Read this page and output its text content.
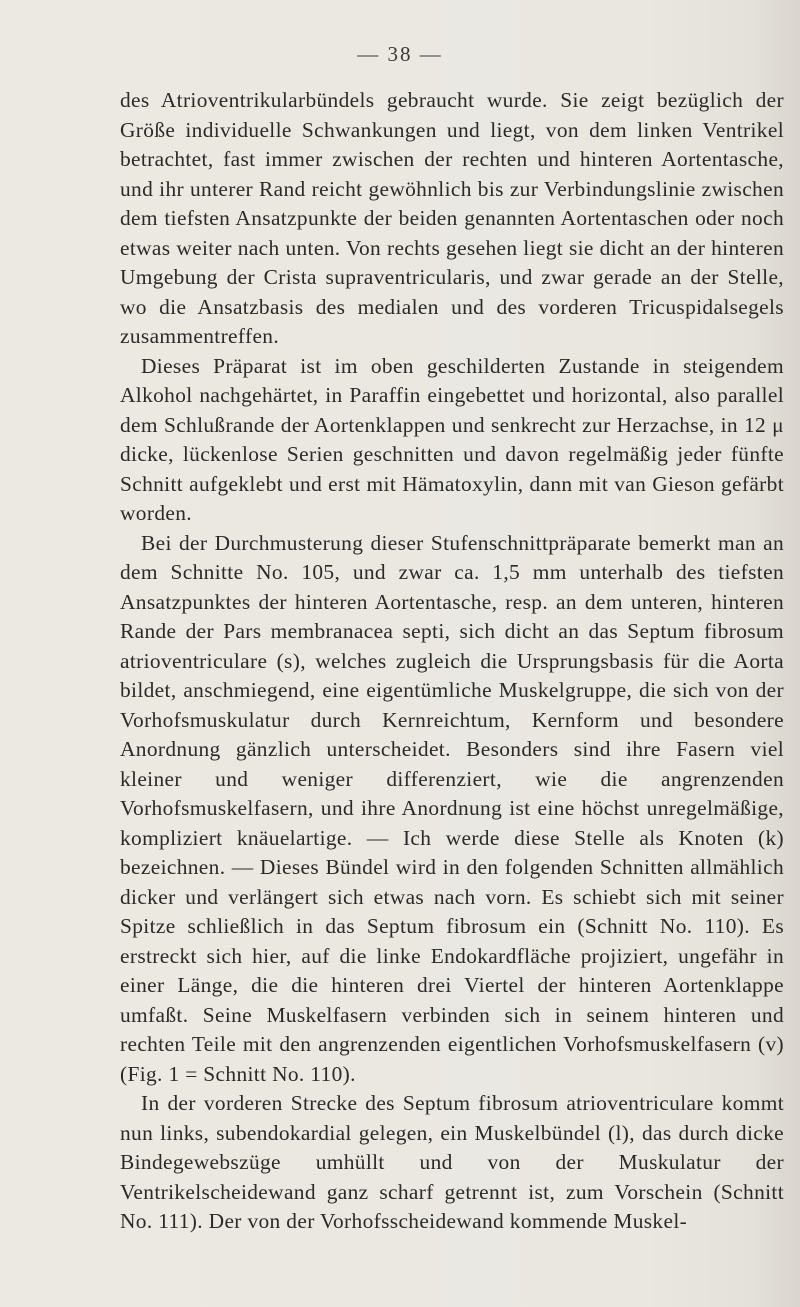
— 38 —

des Atrioventrikularbündels gebraucht wurde. Sie zeigt bezüglich der Größe individuelle Schwankungen und liegt, von dem linken Ventrikel betrachtet, fast immer zwischen der rechten und hinteren Aortentasche, und ihr unterer Rand reicht gewöhnlich bis zur Verbindungslinie zwischen dem tiefsten Ansatzpunkte der beiden genannten Aortentaschen oder noch etwas weiter nach unten. Von rechts gesehen liegt sie dicht an der hinteren Umgebung der Crista supraventricularis, und zwar gerade an der Stelle, wo die Ansatzbasis des medialen und des vorderen Tricuspidalsegels zusammentreffen.

Dieses Präparat ist im oben geschilderten Zustande in steigendem Alkohol nachgehärtet, in Paraffin eingebettet und horizontal, also parallel dem Schlußrande der Aortenklappen und senkrecht zur Herzachse, in 12 μ dicke, lückenlose Serien geschnitten und davon regelmäßig jeder fünfte Schnitt aufgeklebt und erst mit Hämatoxylin, dann mit van Gieson gefärbt worden.

Bei der Durchmusterung dieser Stufenschnittpräparate bemerkt man an dem Schnitte No. 105, und zwar ca. 1,5 mm unterhalb des tiefsten Ansatzpunktes der hinteren Aortentasche, resp. an dem unteren, hinteren Rande der Pars membranacea septi, sich dicht an das Septum fibrosum atrioventriculare (s), welches zugleich die Ursprungsbasis für die Aorta bildet, anschmiegend, eine eigentümliche Muskelgruppe, die sich von der Vorhofsmuskulatur durch Kernreichtum, Kernform und besondere Anordnung gänzlich unterscheidet. Besonders sind ihre Fasern viel kleiner und weniger differenziert, wie die angrenzenden Vorhofsmuskelfasern, und ihre Anordnung ist eine höchst unregelmäßige, kompliziert knäuelartige. — Ich werde diese Stelle als Knoten (k) bezeichnen. — Dieses Bündel wird in den folgenden Schnitten allmählich dicker und verlängert sich etwas nach vorn. Es schiebt sich mit seiner Spitze schließlich in das Septum fibrosum ein (Schnitt No. 110). Es erstreckt sich hier, auf die linke Endokardfläche projiziert, ungefähr in einer Länge, die die hinteren drei Viertel der hinteren Aortenklappe umfaßt. Seine Muskelfasern verbinden sich in seinem hinteren und rechten Teile mit den angrenzenden eigentlichen Vorhofsmuskelfasern (v) (Fig. 1 = Schnitt No. 110).

In der vorderen Strecke des Septum fibrosum atrioventriculare kommt nun links, subendokardial gelegen, ein Muskelbündel (l), das durch dicke Bindegewebszüge umhüllt und von der Muskulatur der Ventrikelscheidewand ganz scharf getrennt ist, zum Vorschein (Schnitt No. 111). Der von der Vorhofsscheidewand kommende Muskel-
